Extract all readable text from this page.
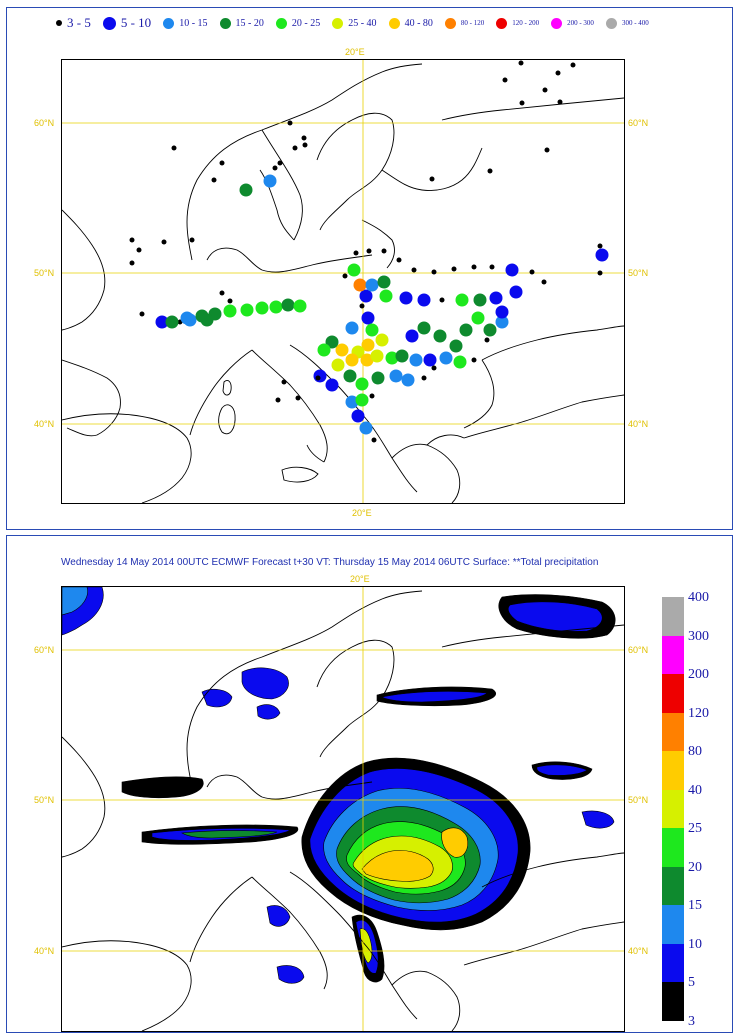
3 - 5 5 - 10	10 - 15	15 - 20	20 - 25	25 - 40	40 - 80	80 - 120	120 - 200	200 - 300	300 - 400
20°E
60°N	60°N
50°N	50°N
40°N	40°N
20°E
Wednesday 14 May 2014 00UTC ECMWF Forecast t+30 VT: Thursday 15 May 2014 06UTC Surface: **Total precipitation
20°E
60°N	60°N
50°N	50°N
40°N	40°N
400
300
200
120
80
40
25
20
15
10
5
3
